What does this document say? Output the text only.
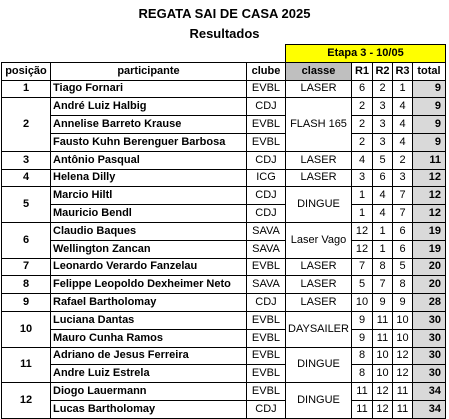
REGATA SAI DE CASA 2025
Resultados
			Etapa 3 - 10/05				
posição	participante	clube	classe	R1	R2	R3	total
1	Tiago Fornari	EVBL	LASER	6	2	1	9
2	André Luiz Halbig	CDJ	FLASH 165	2	3	4	9
	Annelise Barreto Krause	EVBL		2	3	4	9
	Fausto Kuhn Berenguer Barbosa	EVBL		2	3	4	9
3	Antônio Pasqual	CDJ	LASER	4	5	2	11
4	Helena Dilly	ICG	LASER	3	6	3	12
5	Marcio Hiltl	CDJ	DINGUE	1	4	7	12
	Mauricio Bendl	CDJ		1	4	7	12
6	Claudio Baques	SAVA	Laser Vago	12	1	6	19
	Wellington Zancan	SAVA		12	1	6	19
7	Leonardo Verardo Fanzelau	EVBL	LASER	7	8	5	20
8	Felippe Leopoldo Dexheimer Neto	SAVA	LASER	5	7	8	20
9	Rafael Bartholomay	CDJ	LASER	10	9	9	28
10	Luciana Dantas	EVBL	DAYSAILER	9	11	10	30
	Mauro Cunha Ramos	EVBL		9	11	10	30
11	Adriano de Jesus Ferreira	EVBL	DINGUE	8	10	12	30
	Andre Luiz Estrela	EVBL		8	10	12	30
12	Diogo Lauermann	EVBL	DINGUE	11	12	11	34
	Lucas Bartholomay	CDJ		11	12	11	34
